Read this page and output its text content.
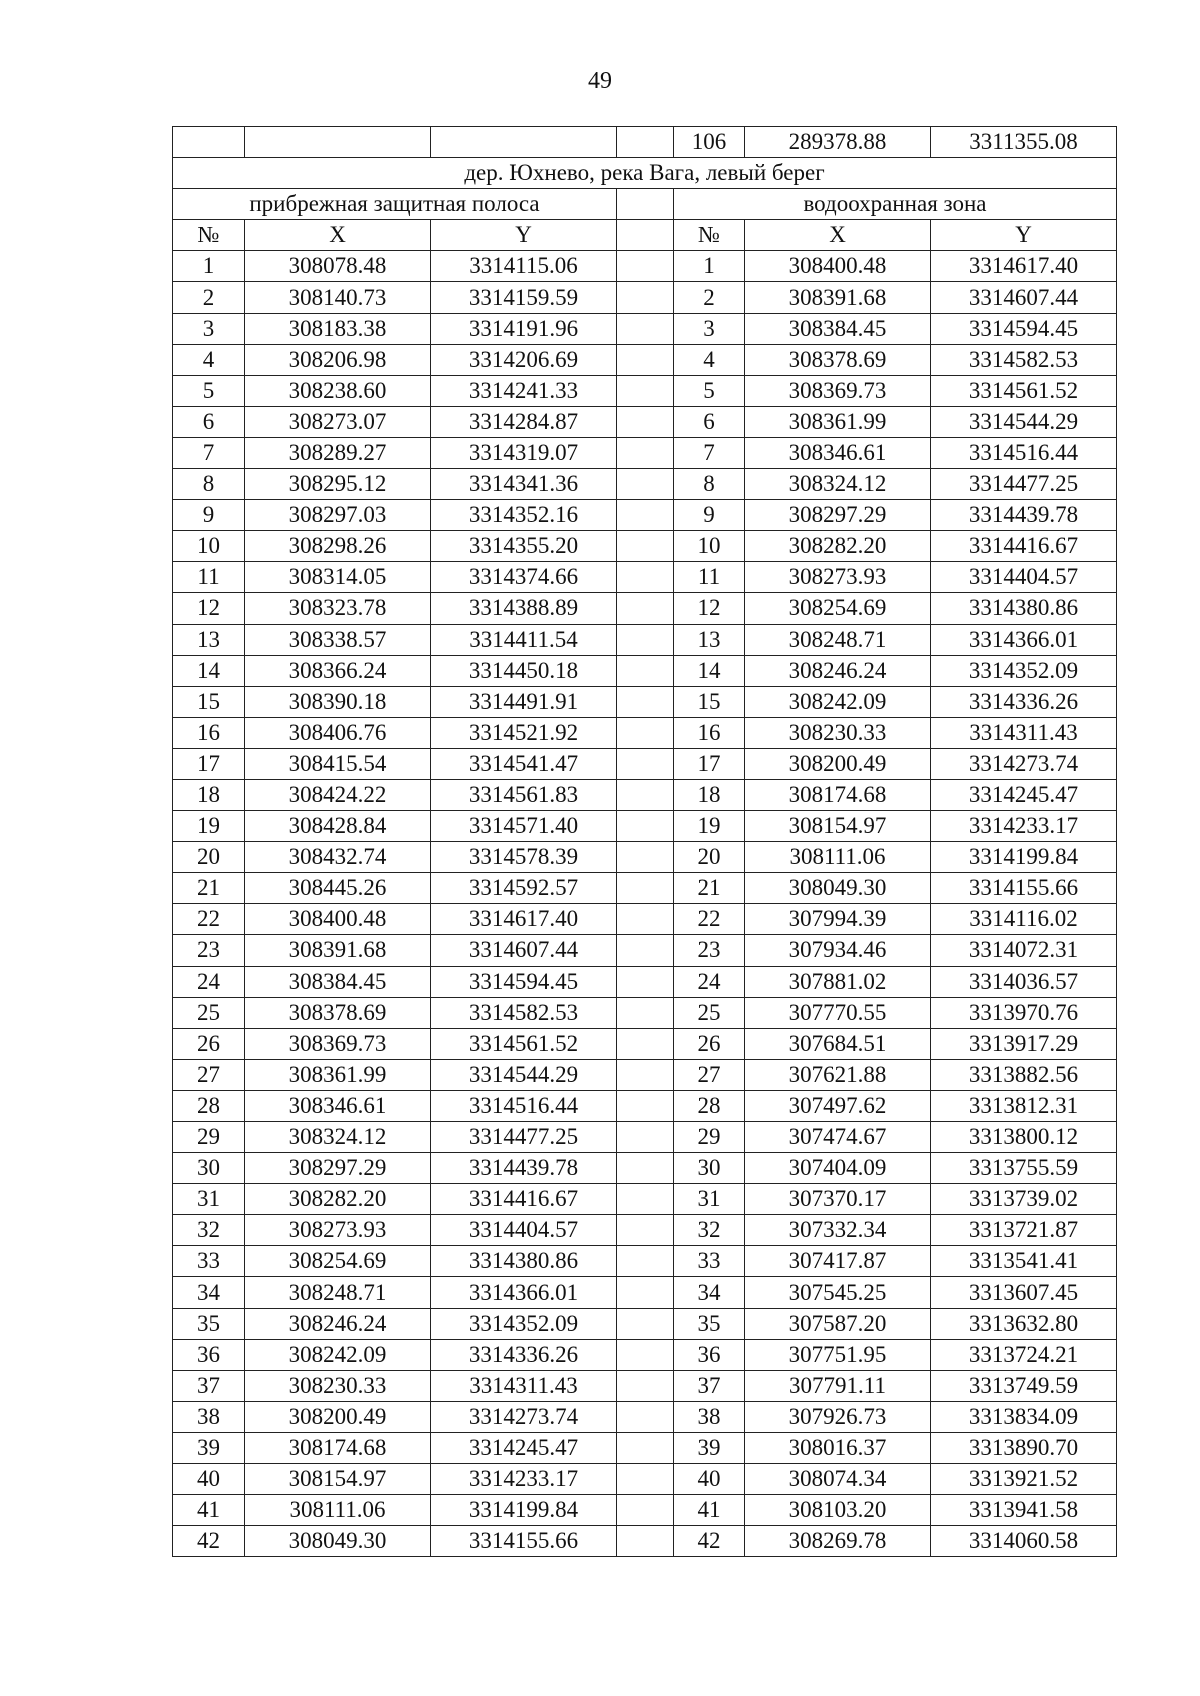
49
				106	289378.88	3311355.08
дер. Юхнево, река Вага, левый берег						
прибрежная защитная полоса				водоохранная зона		
№	X	Y		№	X	Y
1	308078.48	3314115.06		1	308400.48	3314617.40
2	308140.73	3314159.59		2	308391.68	3314607.44
3	308183.38	3314191.96		3	308384.45	3314594.45
4	308206.98	3314206.69		4	308378.69	3314582.53
5	308238.60	3314241.33		5	308369.73	3314561.52
6	308273.07	3314284.87		6	308361.99	3314544.29
7	308289.27	3314319.07		7	308346.61	3314516.44
8	308295.12	3314341.36		8	308324.12	3314477.25
9	308297.03	3314352.16		9	308297.29	3314439.78
10	308298.26	3314355.20		10	308282.20	3314416.67
11	308314.05	3314374.66		11	308273.93	3314404.57
12	308323.78	3314388.89		12	308254.69	3314380.86
13	308338.57	3314411.54		13	308248.71	3314366.01
14	308366.24	3314450.18		14	308246.24	3314352.09
15	308390.18	3314491.91		15	308242.09	3314336.26
16	308406.76	3314521.92		16	308230.33	3314311.43
17	308415.54	3314541.47		17	308200.49	3314273.74
18	308424.22	3314561.83		18	308174.68	3314245.47
19	308428.84	3314571.40		19	308154.97	3314233.17
20	308432.74	3314578.39		20	308111.06	3314199.84
21	308445.26	3314592.57		21	308049.30	3314155.66
22	308400.48	3314617.40		22	307994.39	3314116.02
23	308391.68	3314607.44		23	307934.46	3314072.31
24	308384.45	3314594.45		24	307881.02	3314036.57
25	308378.69	3314582.53		25	307770.55	3313970.76
26	308369.73	3314561.52		26	307684.51	3313917.29
27	308361.99	3314544.29		27	307621.88	3313882.56
28	308346.61	3314516.44		28	307497.62	3313812.31
29	308324.12	3314477.25		29	307474.67	3313800.12
30	308297.29	3314439.78		30	307404.09	3313755.59
31	308282.20	3314416.67		31	307370.17	3313739.02
32	308273.93	3314404.57		32	307332.34	3313721.87
33	308254.69	3314380.86		33	307417.87	3313541.41
34	308248.71	3314366.01		34	307545.25	3313607.45
35	308246.24	3314352.09		35	307587.20	3313632.80
36	308242.09	3314336.26		36	307751.95	3313724.21
37	308230.33	3314311.43		37	307791.11	3313749.59
38	308200.49	3314273.74		38	307926.73	3313834.09
39	308174.68	3314245.47		39	308016.37	3313890.70
40	308154.97	3314233.17		40	308074.34	3313921.52
41	308111.06	3314199.84		41	308103.20	3313941.58
42	308049.30	3314155.66		42	308269.78	3314060.58
